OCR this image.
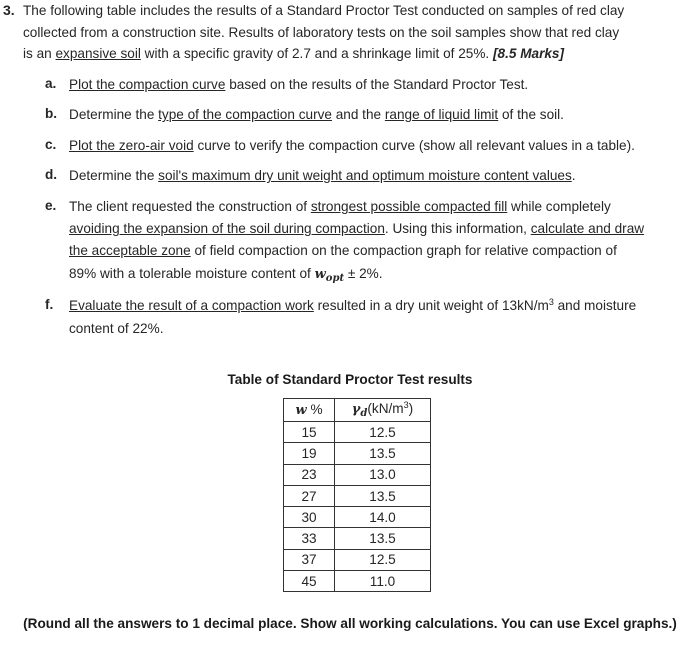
3. The following table includes the results of a Standard Proctor Test conducted on samples of red clay
collected from a construction site. Results of laboratory tests on the soil samples show that red clay
is an expansive soil with a specific gravity of 2.7 and a shrinkage limit of 25%. [8.5 Marks]
a. Plot the compaction curve based on the results of the Standard Proctor Test.
b. Determine the type of the compaction curve and the range of liquid limit of the soil.
c. Plot the zero-air void curve to verify the compaction curve (show all relevant values in a table).
d. Determine the soil's maximum dry unit weight and optimum moisture content values.
e. The client requested the construction of strongest possible compacted fill while completely
avoiding the expansion of the soil during compaction. Using this information, calculate and draw
the acceptable zone of field compaction on the compaction graph for relative compaction of
89% with a tolerable moisture content of $w_{opt} \pm 2\%$.
f. Evaluate the result of a compaction work resulted in a dry unit weight of $13kN/m^3$ and moisture
content of 22%.
Table of Standard Proctor Test results
w %	$\gamma_d(kN/m^3)$
15	12.5
19	13.5
23	13.0
27	13.5
30	14.0
33	13.5
37	12.5
45	11.0
(Round all the answers to 1 decimal place. Show all working calculations. You can use Excel graphs.)
